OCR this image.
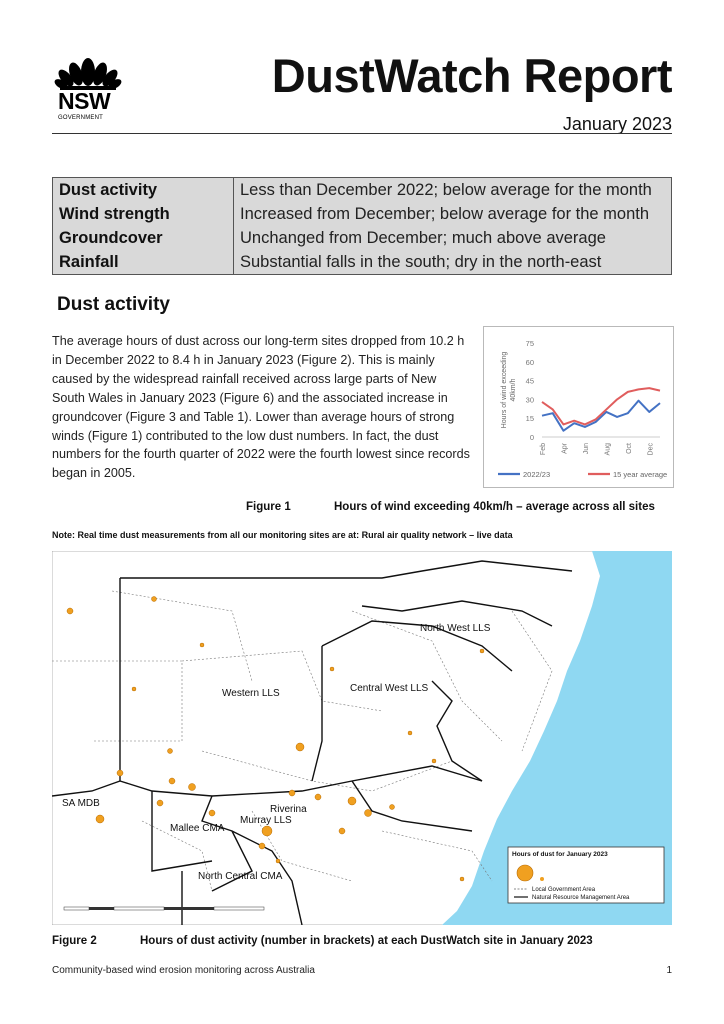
NSW
GOVERNMENT
DustWatch Report
January 2023
Dust activity	Less than December 2022; below average for the month
Wind strength	Increased from December; below average for the month
Groundcover	Unchanged from December; much above average
Rainfall	Substantial falls in the south; dry in the north-east
Dust activity

The average hours of dust across our long-term sites dropped from 10.2 h in December 2022 to 8.4 h in January 2023 (Figure 2). This is mainly caused by the widespread rainfall received across large parts of New South Wales in January 2023 (Figure 6) and the associated increase in groundcover (Figure 3 and Table 1). Lower than average hours of strong winds (Figure 1) contributed to the low dust numbers. In fact, the dust numbers for the fourth quarter of 2022 were the fourth lowest since records began in 2005.

75
60
45
30
15
0
Feb Apr Jun Aug Oct Dec
Hours of wind exceeding 40km/h
2022/23	15 year average
Figure 1	Hours of wind exceeding 40km/h – average across all sites
Note: Real time dust measurements from all our monitoring sites are at: Rural air quality network – live data
North West LLS
Central West LLS
Western LLS
Riverina
Murray LLS
SA MDB
Mallee CMA
North Central CMA
Hours of dust for January 2023
Local Government Area
Natural Resource Management Area
Figure 2	Hours of dust activity (number in brackets) at each DustWatch site in January 2023
Community-based wind erosion monitoring across Australia	1
